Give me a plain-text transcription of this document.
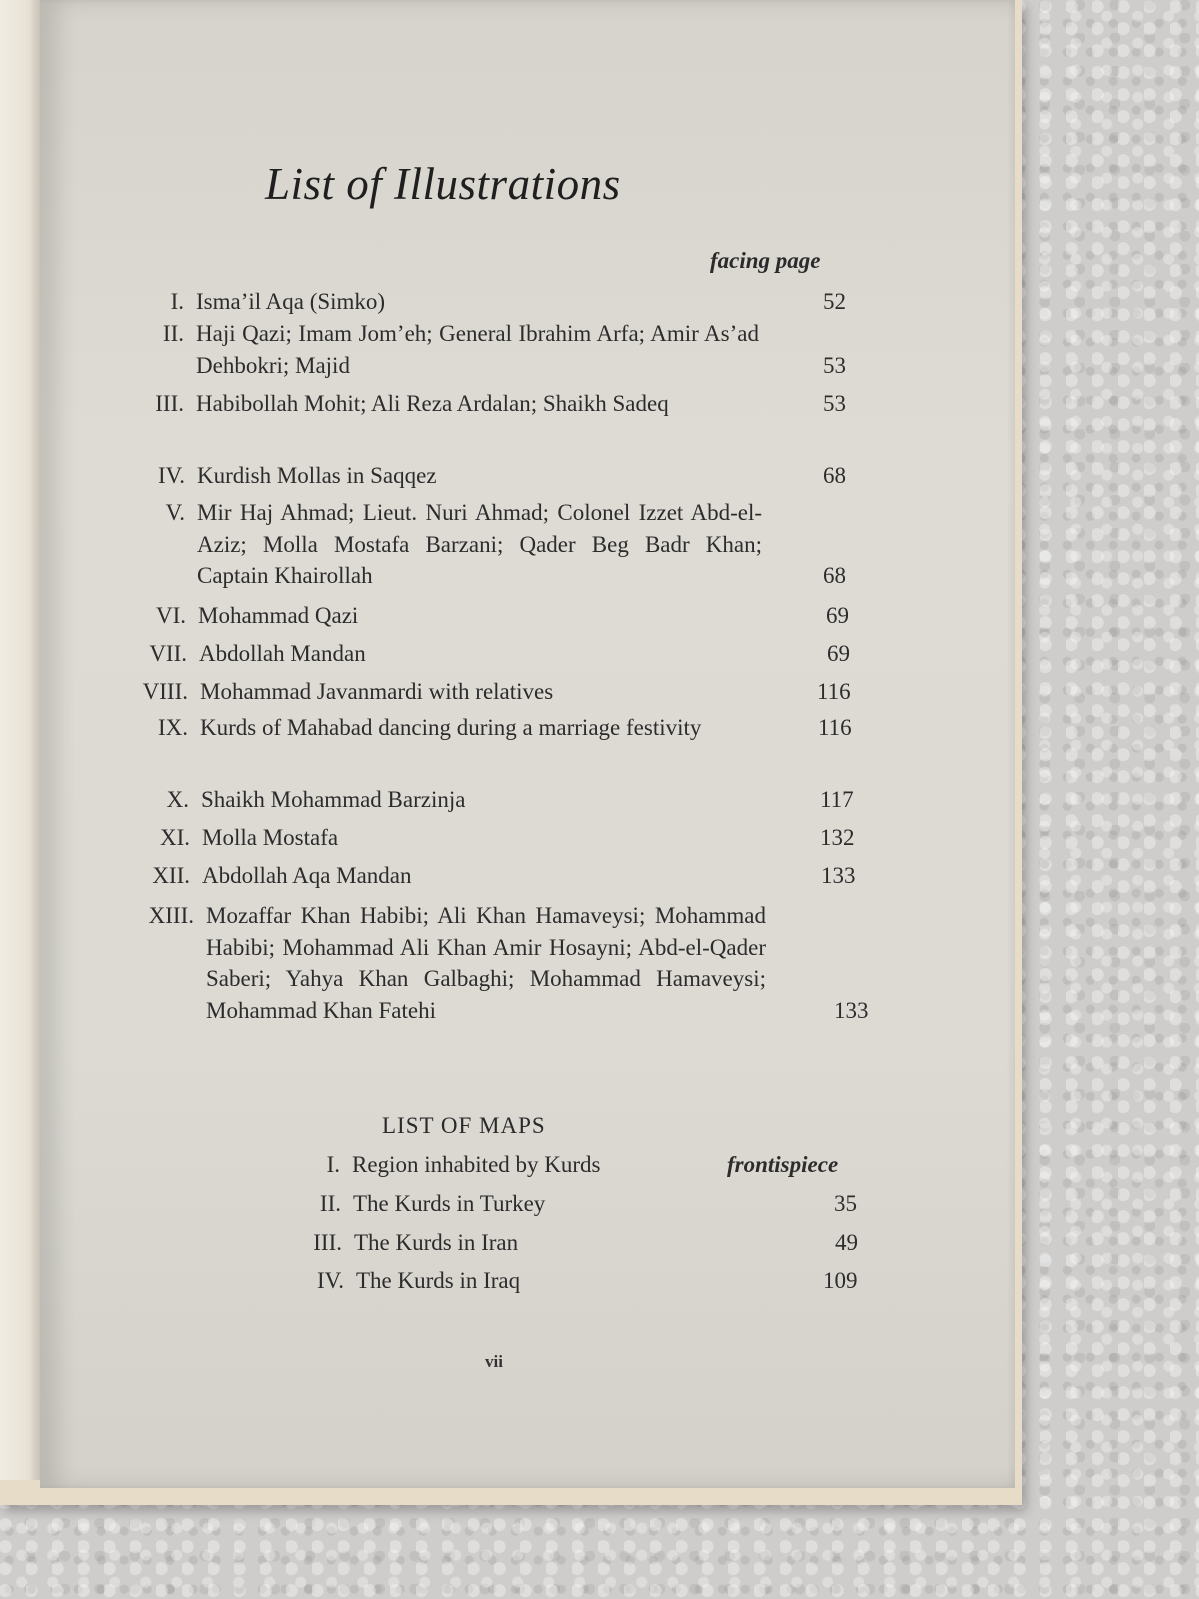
List of Illustrations
facing page
I. Isma’il Aqa (Simko)	52
II. Haji Qazi; Imam Jom’eh; General Ibrahim Arfa; Amir As’ad Dehbokri; Majid	53
III. Habibollah Mohit; Ali Reza Ardalan; Shaikh Sadeq	53
IV. Kurdish Mollas in Saqqez	68
V. Mir Haj Ahmad; Lieut. Nuri Ahmad; Colonel Izzet Abd-el-Aziz; Molla Mostafa Barzani; Qader Beg Badr Khan; Captain Khairollah	68
VI. Mohammad Qazi	69
VII. Abdollah Mandan	69
VIII. Mohammad Javanmardi with relatives	116
IX. Kurds of Mahabad dancing during a marriage festivity	116
X. Shaikh Mohammad Barzinja	117
XI. Molla Mostafa	132
XII. Abdollah Aqa Mandan	133
XIII. Mozaffar Khan Habibi; Ali Khan Hamaveysi; Mohammad Habibi; Mohammad Ali Khan Amir Hosayni; Abd-el-Qader Saberi; Yahya Khan Galbaghi; Mohammad Hamaveysi; Mohammad Khan Fatehi	133
LIST OF MAPS
I. Region inhabited by Kurds	frontispiece
II. The Kurds in Turkey	35
III. The Kurds in Iran	49
IV. The Kurds in Iraq	109
vii
